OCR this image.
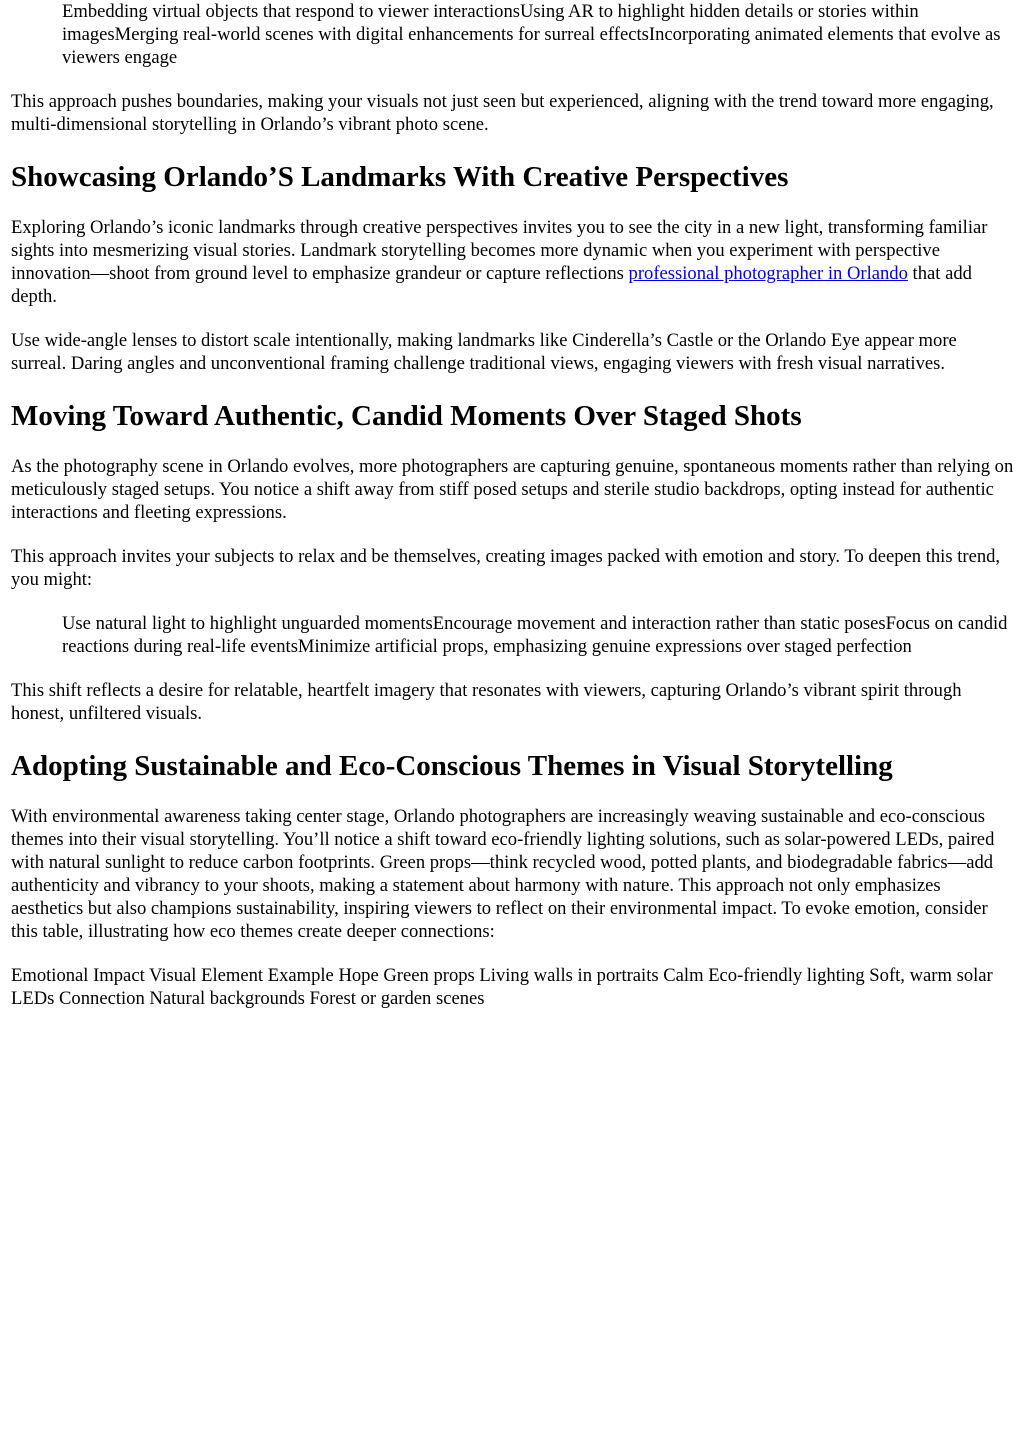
Embedding virtual objects that respond to viewer interactionsUsing AR to highlight hidden details or stories within imagesMerging real-world scenes with digital enhancements for surreal effectsIncorporating animated elements that evolve as viewers engage

This approach pushes boundaries, making your visuals not just seen but experienced, aligning with the trend toward more engaging, multi-dimensional storytelling in Orlando’s vibrant photo scene.

Showcasing Orlando’S Landmarks With Creative Perspectives

Exploring Orlando’s iconic landmarks through creative perspectives invites you to see the city in a new light, transforming familiar sights into mesmerizing visual stories. Landmark storytelling becomes more dynamic when you experiment with perspective innovation—shoot from ground level to emphasize grandeur or capture reflections professional photographer in Orlando that add depth.

Use wide-angle lenses to distort scale intentionally, making landmarks like Cinderella’s Castle or the Orlando Eye appear more surreal. Daring angles and unconventional framing challenge traditional views, engaging viewers with fresh visual narratives.

Moving Toward Authentic, Candid Moments Over Staged Shots

As the photography scene in Orlando evolves, more photographers are capturing genuine, spontaneous moments rather than relying on meticulously staged setups. You notice a shift away from stiff posed setups and sterile studio backdrops, opting instead for authentic interactions and fleeting expressions.

This approach invites your subjects to relax and be themselves, creating images packed with emotion and story. To deepen this trend, you might:

Use natural light to highlight unguarded momentsEncourage movement and interaction rather than static posesFocus on candid reactions during real-life eventsMinimize artificial props, emphasizing genuine expressions over staged perfection

This shift reflects a desire for relatable, heartfelt imagery that resonates with viewers, capturing Orlando’s vibrant spirit through honest, unfiltered visuals.

Adopting Sustainable and Eco-Conscious Themes in Visual Storytelling

With environmental awareness taking center stage, Orlando photographers are increasingly weaving sustainable and eco-conscious themes into their visual storytelling. You’ll notice a shift toward eco-friendly lighting solutions, such as solar-powered LEDs, paired with natural sunlight to reduce carbon footprints. Green props—think recycled wood, potted plants, and biodegradable fabrics—add authenticity and vibrancy to your shoots, making a statement about harmony with nature. This approach not only emphasizes aesthetics but also champions sustainability, inspiring viewers to reflect on their environmental impact. To evoke emotion, consider this table, illustrating how eco themes create deeper connections:

Emotional Impact Visual Element Example Hope Green props Living walls in portraits Calm Eco-friendly lighting Soft, warm solar LEDs Connection Natural backgrounds Forest or garden scenes
